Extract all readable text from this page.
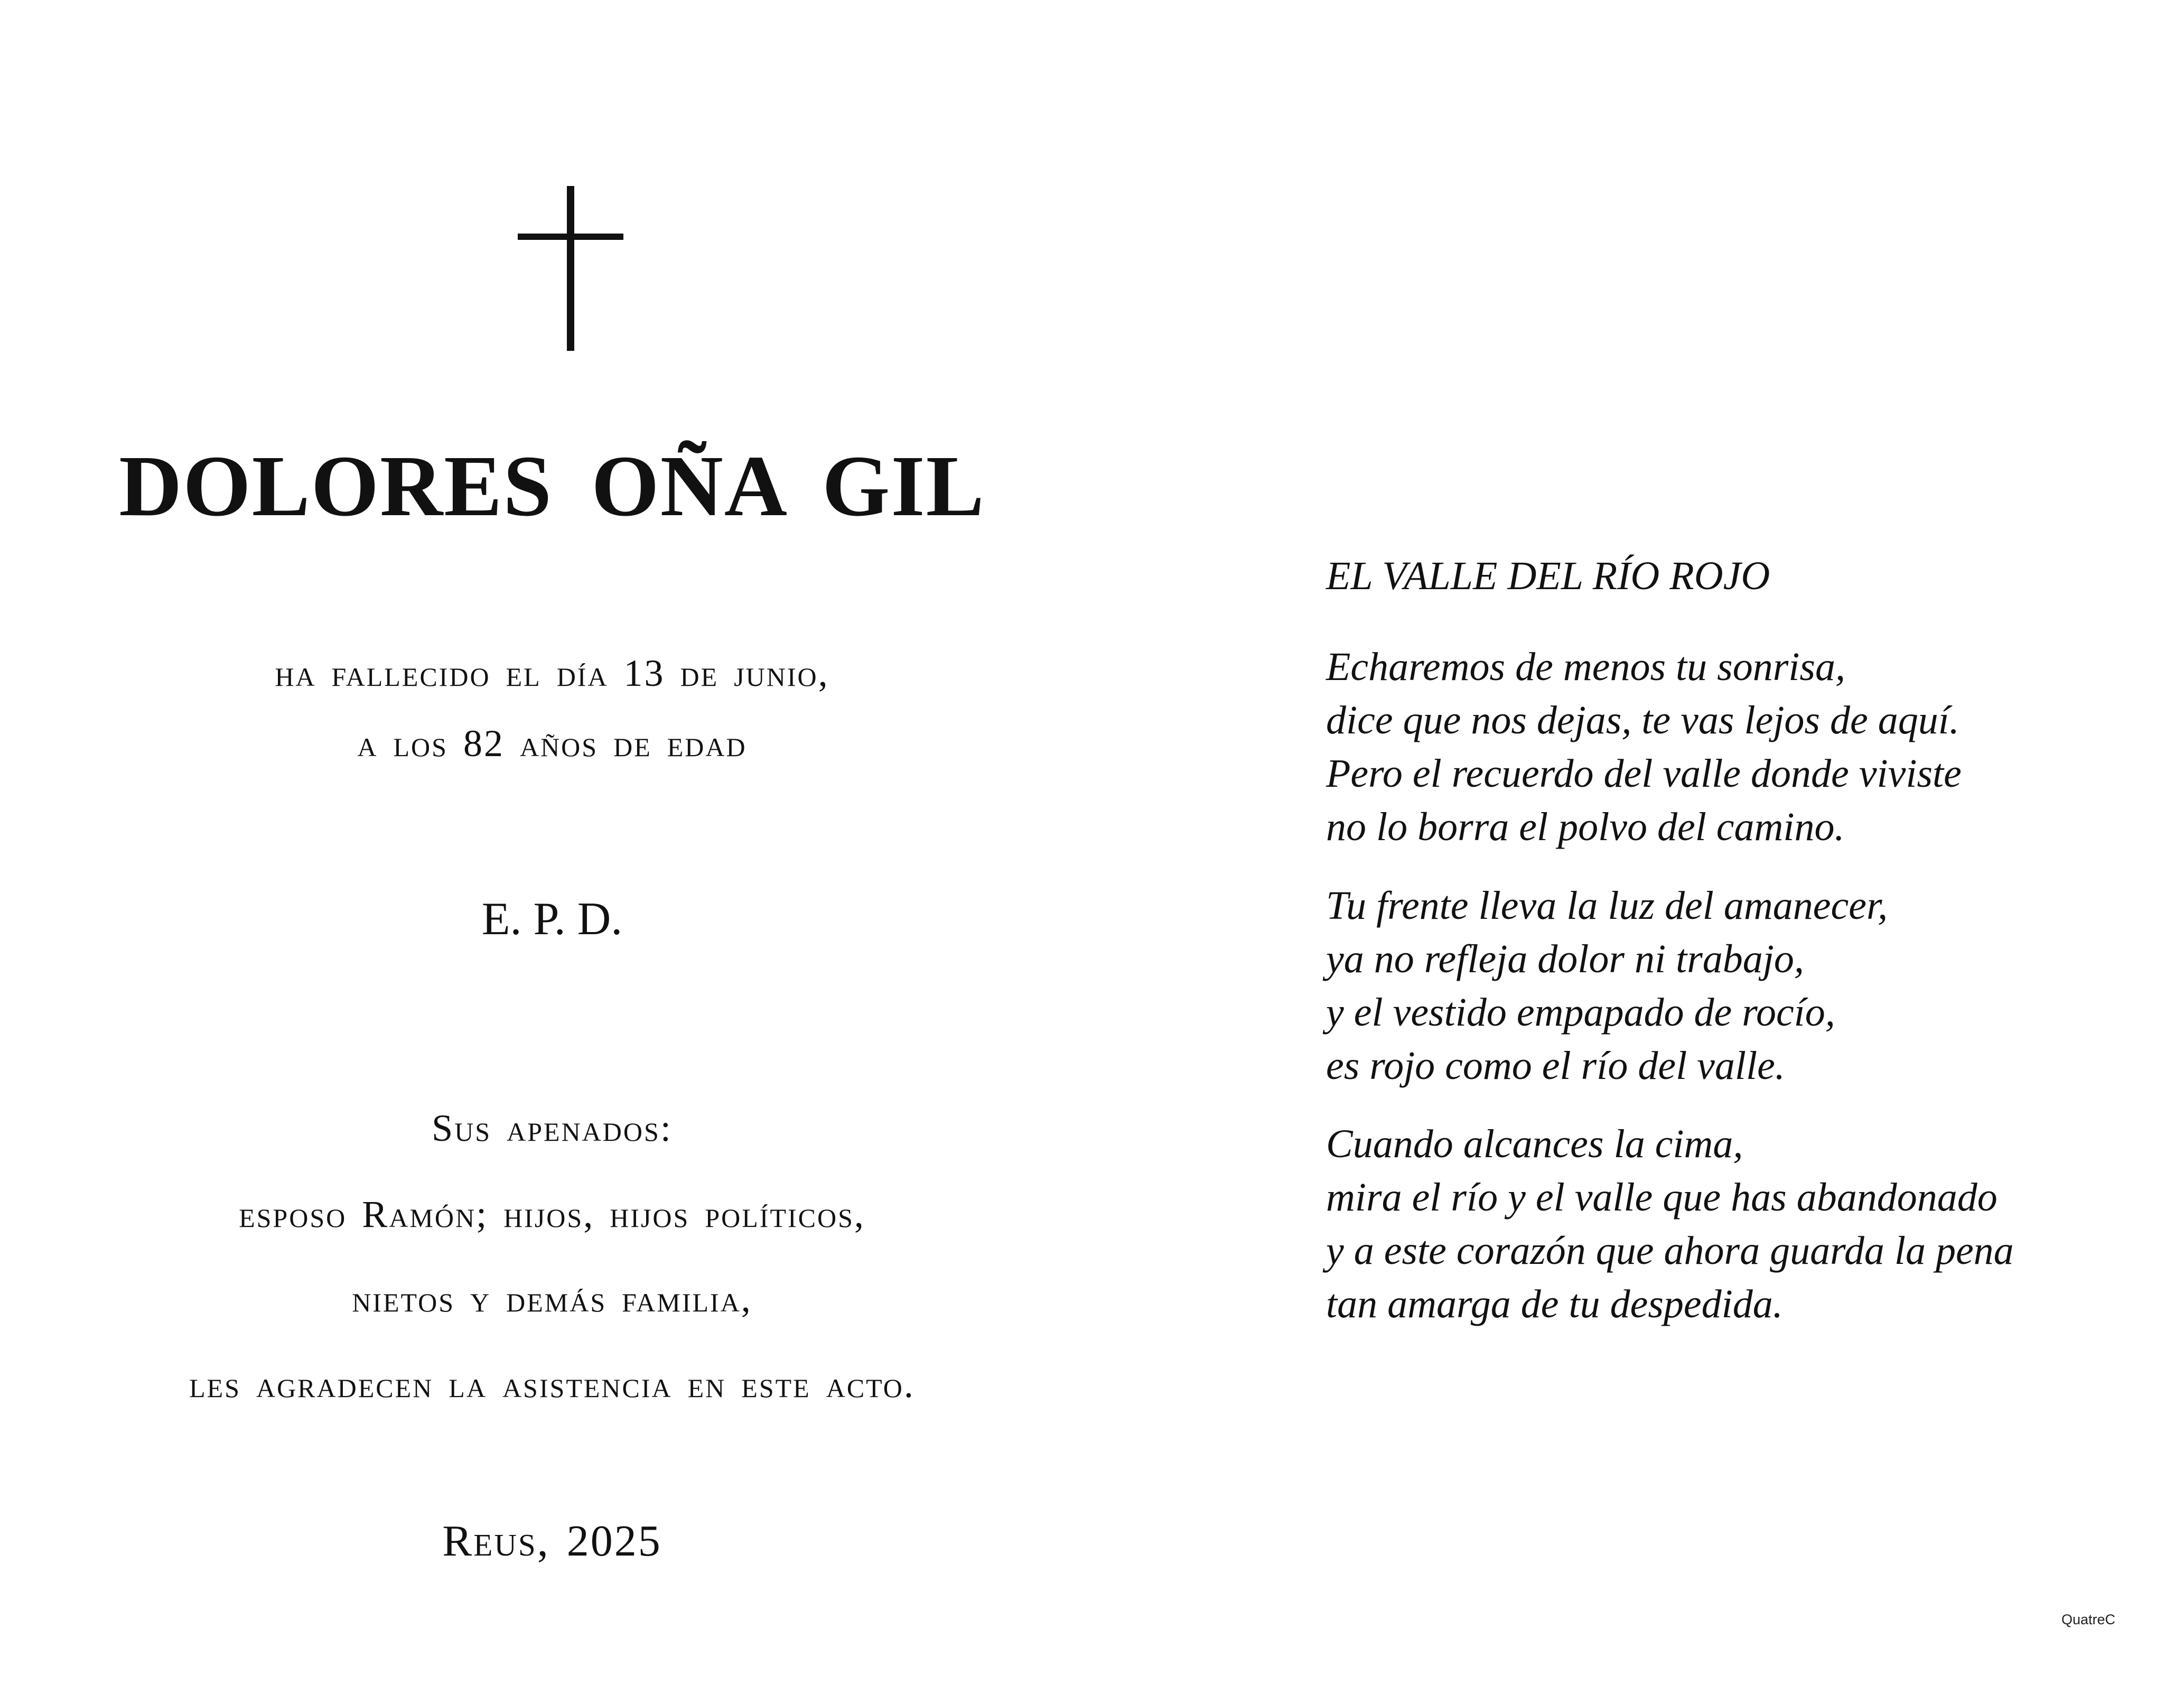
DOLORES OÑA GIL
ha fallecido el día 13 de junio,
a los 82 años de edad
E. P. D.
Sus apenados:
esposo Ramón; hijos, hijos políticos,
nietos y demás familia,
les agradecen la asistencia en este acto.
Reus, 2025
EL VALLE DEL RÍO ROJO
Echaremos de menos tu sonrisa,
dice que nos dejas, te vas lejos de aquí.
Pero el recuerdo del valle donde viviste
no lo borra el polvo del camino.
Tu frente lleva la luz del amanecer,
ya no refleja dolor ni trabajo,
y el vestido empapado de rocío,
es rojo como el río del valle.
Cuando alcances la cima,
mira el río y el valle que has abandonado
y a este corazón que ahora guarda la pena
tan amarga de tu despedida.
QuatreC
